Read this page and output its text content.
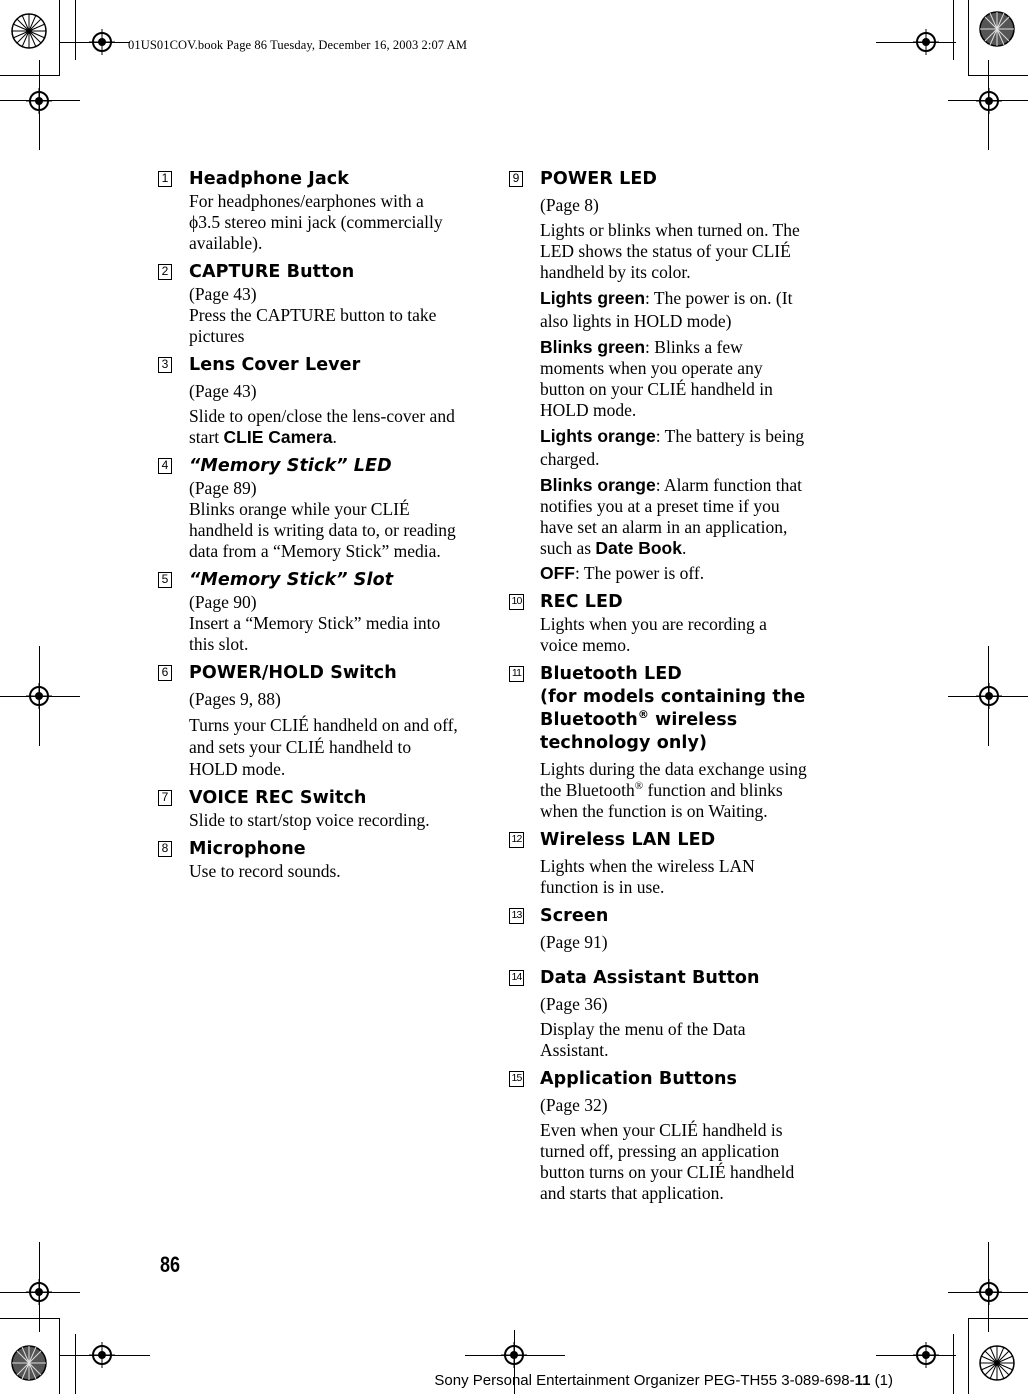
01US01COV.book Page 86 Tuesday, December 16, 2003 2:07 AM
1 Headphone Jack

For headphones/earphones with a ϕ3.5 stereo mini jack (commercially available).

2 CAPTURE Button

(Page 43)

Press the CAPTURE button to take pictures

3 Lens Cover Lever

(Page 43)

Slide to open/close the lens-cover and start CLIE Camera.

4 “Memory Stick” LED

(Page 89)

Blinks orange while your CLIÉ handheld is writing data to, or reading data from a “Memory Stick” media.

5 “Memory Stick” Slot

(Page 90)

Insert a “Memory Stick” media into this slot.

6 POWER/HOLD Switch

(Pages 9, 88)

Turns your CLIÉ handheld on and off, and sets your CLIÉ handheld to HOLD mode.

7 VOICE REC Switch

Slide to start/stop voice recording.

8 Microphone

Use to record sounds.

9 POWER LED

(Page 8)

Lights or blinks when turned on. The LED shows the status of your CLIÉ handheld by its color.

Lights green: The power is on. (It also lights in HOLD mode)

Blinks green: Blinks a few moments when you operate any button on your CLIÉ handheld in HOLD mode.

Lights orange: The battery is being charged.

Blinks orange: Alarm function that notifies you at a preset time if you have set an alarm in an application, such as Date Book.

OFF: The power is off.

10 REC LED

Lights when you are recording a voice memo.

11 Bluetooth LED
(for models containing the Bluetooth® wireless technology only)

Lights during the data exchange using the Bluetooth® function and blinks when the function is on Waiting.

12 Wireless LAN LED

Lights when the wireless LAN function is in use.

13 Screen

(Page 91)

14 Data Assistant Button

(Page 36)

Display the menu of the Data Assistant.

15 Application Buttons

(Page 32)

Even when your CLIÉ handheld is turned off, pressing an application button turns on your CLIÉ handheld and starts that application.

86
Sony Personal Entertainment Organizer PEG-TH55 3-089-698-11 (1)
